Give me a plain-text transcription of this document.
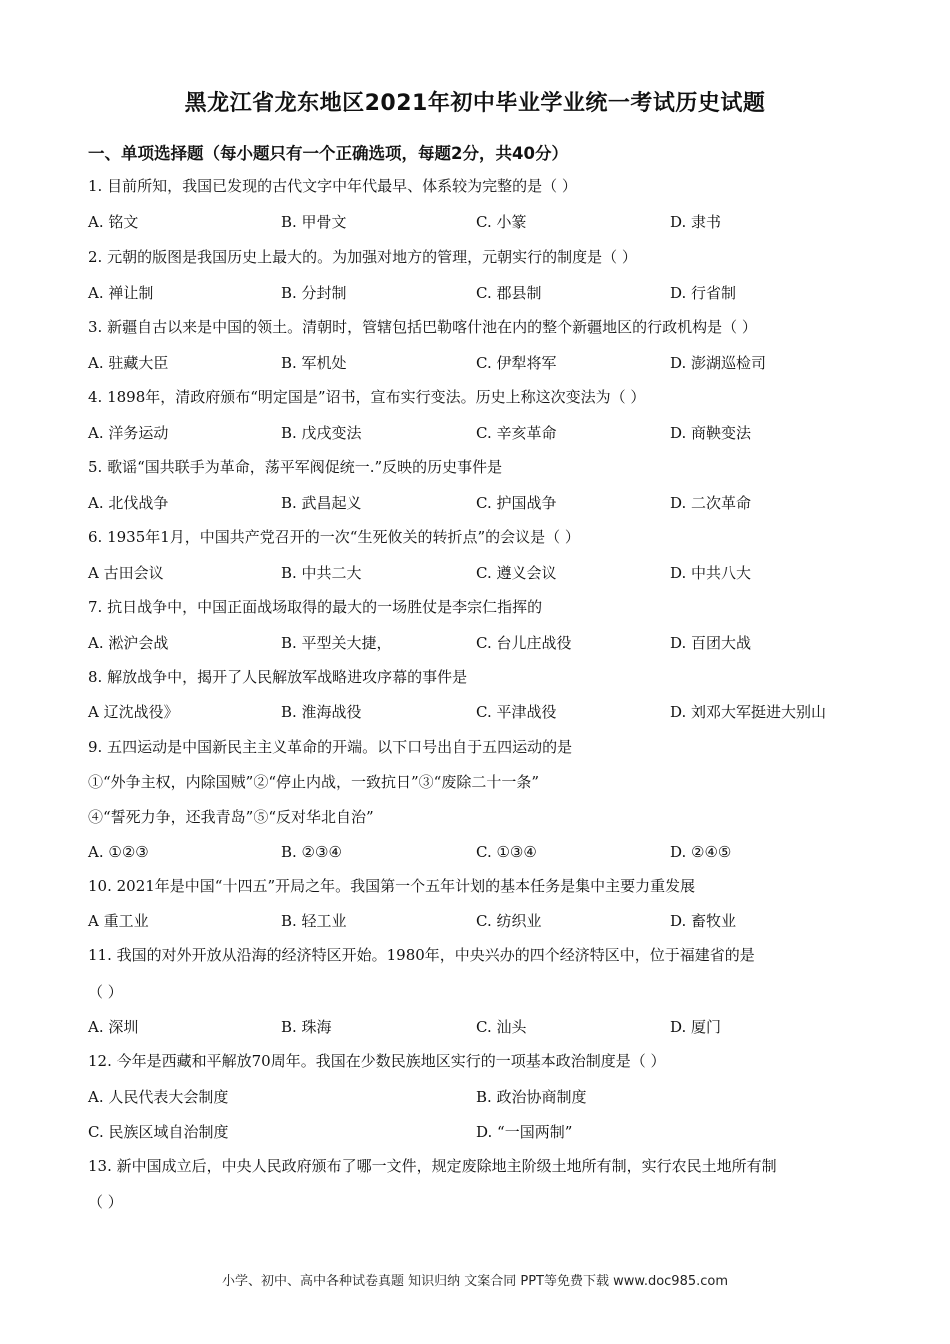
黑龙江省龙东地区2021年初中毕业学业统一考试历史试题
一、单项选择题（每小题只有一个正确选项，每题2分，共40分）
1. 目前所知，我国已发现的古代文字中年代最早、体系较为完整的是（ ）
A. 铭文	B. 甲骨文	C. 小篆	D. 隶书
2. 元朝的版图是我国历史上最大的。为加强对地方的管理，元朝实行的制度是（ ）
A. 禅让制	B. 分封制	C. 郡县制	D. 行省制
3. 新疆自古以来是中国的领土。清朝时，管辖包括巴勒喀什池在内的整个新疆地区的行政机构是（ ）
A. 驻藏大臣	B. 军机处	C. 伊犁将军	D. 澎湖巡检司
4. 1898年，清政府颁布“明定国是”诏书，宣布实行变法。历史上称这次变法为（ ）
A. 洋务运动	B. 戊戌变法	C. 辛亥革命	D. 商鞅变法
5. 歌谣“国共联手为革命，荡平军阀促统一.”反映的历史事件是
A. 北伐战争	B. 武昌起义	C. 护国战争	D. 二次革命
6. 1935年1月，中国共产党召开的一次“生死攸关的转折点”的会议是（ ）
A 古田会议	B. 中共二大	C. 遵义会议	D. 中共八大
7. 抗日战争中，中国正面战场取得的最大的一场胜仗是李宗仁指挥的
A. 淞沪会战	B. 平型关大捷，	C. 台儿庄战役	D. 百团大战
8. 解放战争中，揭开了人民解放军战略进攻序幕的事件是
A 辽沈战役》	B. 淮海战役	C. 平津战役	D. 刘邓大军挺进大别山
9. 五四运动是中国新民主主义革命的开端。以下口号出自于五四运动的是
①“外争主权，内除国贼”②“停止内战，一致抗日”③“废除二十一条”
④“誓死力争，还我青岛”⑤“反对华北自治”
A. ①②③	B. ②③④	C. ①③④	D. ②④⑤
10. 2021年是中国“十四五”开局之年。我国第一个五年计划的基本任务是集中主要力重发展
A 重工业	B. 轻工业	C. 纺织业	D. 畜牧业
11. 我国的对外开放从沿海的经济特区开始。1980年，中央兴办的四个经济特区中，位于福建省的是
（ ）
A. 深圳	B. 珠海	C. 汕头	D. 厦门
12. 今年是西藏和平解放70周年。我国在少数民族地区实行的一项基本政治制度是（ ）
A. 人民代表大会制度	B. 政治协商制度
C. 民族区域自治制度	D. “一国两制”
13. 新中国成立后，中央人民政府颁布了哪一文件，规定废除地主阶级土地所有制，实行农民土地所有制
（ ）
小学、初中、高中各种试卷真题 知识归纳 文案合同 PPT等免费下载 www.doc985.com
